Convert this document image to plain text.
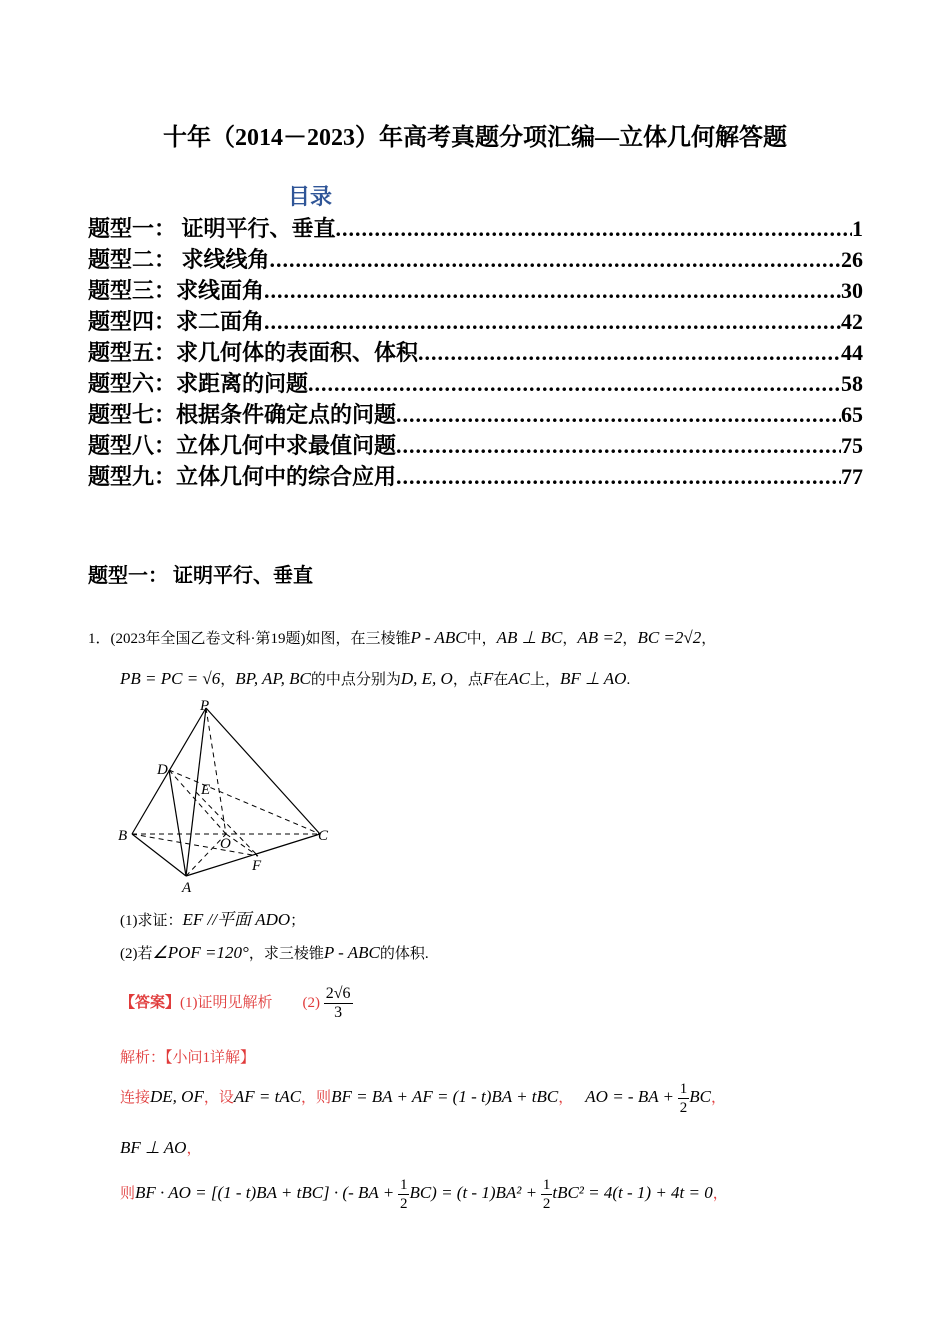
十年（2014－2023）年高考真题分项汇编—立体几何解答题
目录
题型一： 证明平行、垂直 .....	1
题型二： 求线线角 .....	26
题型三：求线面角 .....	30
题型四：求二面角 .....	42
题型五：求几何体的表面积、体积 .....	44
题型六：求距离的问题 .....	58
题型七：根据条件确定点的问题 .....	65
题型八：立体几何中求最值问题 .....	75
题型九：立体几何中的综合应用 .....	77
题型一： 证明平行、垂直
1．(2023年全国乙卷文科·第19题)如图，在三棱锥P - ABC中，AB ⊥ BC，AB =2，BC =2√2，
PB = PC = √6，BP, AP, BC的中点分别为D, E, O，点F在AC上，BF ⊥ AO.
P
D
E
B	O	C
F
A
(1)求证：EF //平面 ADO；
(2)若∠POF =120°，求三棱锥P - ABC的体积.
【答案】(1)证明见解析 $(2) \frac{2√6}{3}$
解析：【小问1详解】
连接DE, OF，设AF = tAC，则BF = BA + AF = (1 - t)BA + tBC， AO = - BA + $\frac{1}{2}$ BC，
BF ⊥ AO，
则BF · AO = [(1 - t)BA + tBC] · (- BA + $\frac{1}{2} BC) = (t - 1)BA^2 + \frac{1}{2} tBC^2 = 4(t - 1) + 4t = 0$，
